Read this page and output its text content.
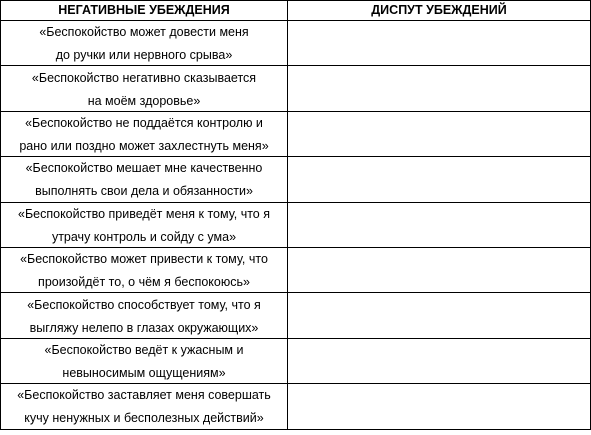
НЕГАТИВНЫЕ УБЕЖДЕНИЯ	ДИСПУТ УБЕЖДЕНИЙ

«Беспокойство может довести меня
до ручки или нервного срыва»	

«Беспокойство негативно сказывается
на моём здоровье»	

«Беспокойство не поддаётся контролю и
рано или поздно может захлестнуть меня»	

«Беспокойство мешает мне качественно
выполнять свои дела и обязанности»	

«Беспокойство приведёт меня к тому, что я
утрачу контроль и сойду с ума»	

«Беспокойство может привести к тому, что
произойдёт то, о чём я беспокоюсь»	

«Беспокойство способствует тому, что я
выгляжу нелепо в глазах окружающих»	

«Беспокойство ведёт к ужасным и
невыносимым ощущениям»	

«Беспокойство заставляет меня совершать
кучу ненужных и бесполезных действий»	
